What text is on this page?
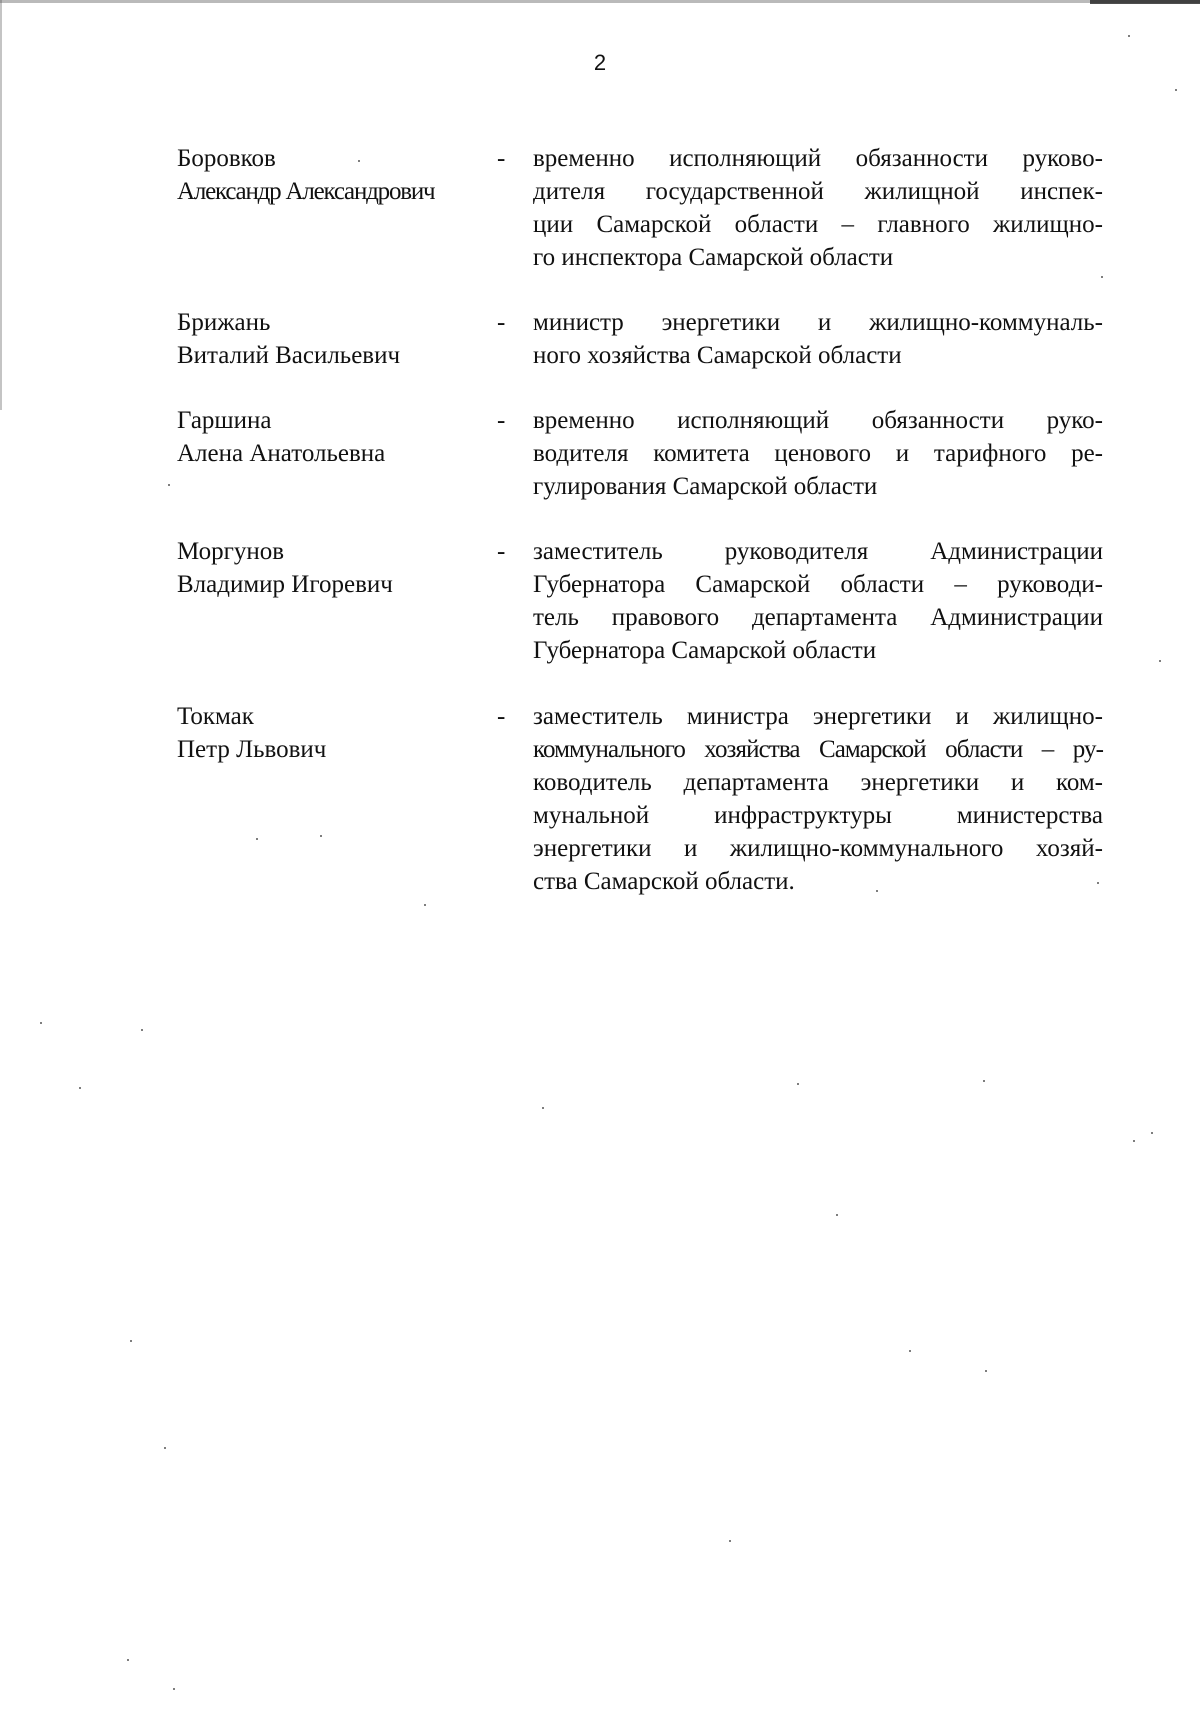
2
Боровков
Александр Александрович
- временно исполняющий обязанности руково-
дителя государственной жилищной инспек-
ции Самарской области – главного жилищно-
го инспектора Самарской области
Брижань
Виталий Васильевич
- министр энергетики и жилищно-коммуналь-
ного хозяйства Самарской области
Гаршина
Алена Анатольевна
- временно исполняющий обязанности руко-
водителя комитета ценового и тарифного ре-
гулирования Самарской области
Моргунов
Владимир Игоревич
- заместитель руководителя Администрации
Губернатора Самарской области – руководи-
тель правового департамента Администрации
Губернатора Самарской области
Токмак
Петр Львович
- заместитель министра энергетики и жилищно-
коммунального хозяйства Самарской области – ру-
ководитель департамента энергетики и ком-
мунальной инфраструктуры министерства
энергетики и жилищно-коммунального хозяй-
ства Самарской области.
